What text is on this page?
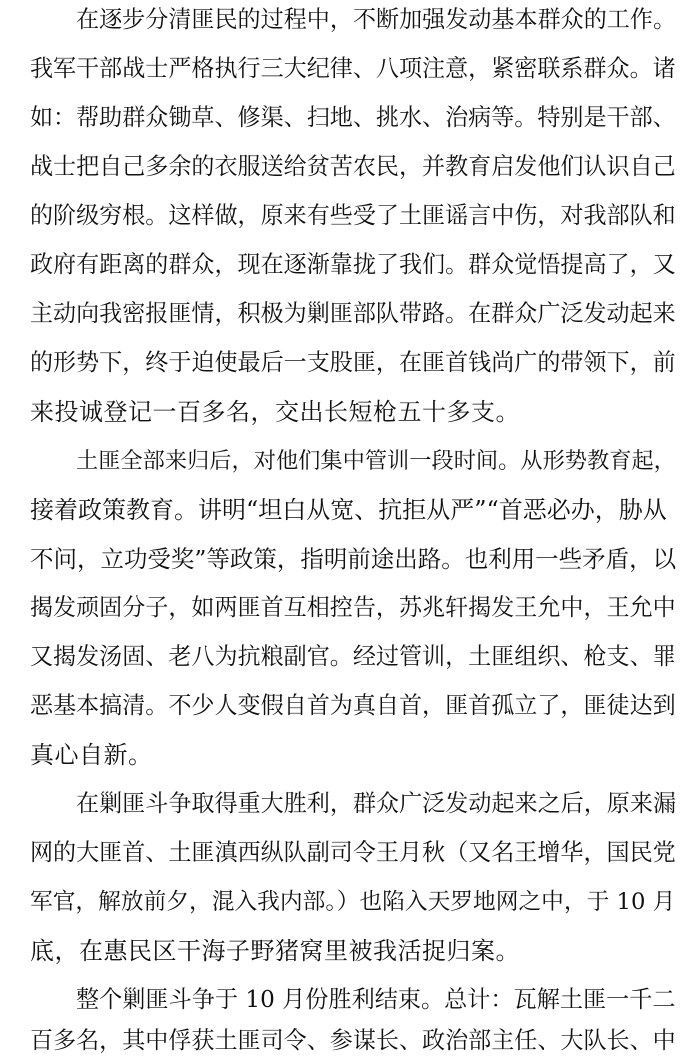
在逐步分清匪民的过程中，不断加强发动基本群众的工作。
我军干部战士严格执行三大纪律、八项注意，紧密联系群众。诸
如：帮助群众锄草、修渠、扫地、挑水、治病等。特别是干部、
战士把自己多余的衣服送给贫苦农民，并教育启发他们认识自己
的阶级穷根。这样做，原来有些受了土匪谣言中伤，对我部队和
政府有距离的群众，现在逐渐靠拢了我们。群众觉悟提高了，又
主动向我密报匪情，积极为剿匪部队带路。在群众广泛发动起来
的形势下，终于迫使最后一支股匪，在匪首钱尚广的带领下，前
来投诚登记一百多名，交出长短枪五十多支。
土匪全部来归后，对他们集中管训一段时间。从形势教育起，
接着政策教育。讲明“坦白从宽、抗拒从严”“首恶必办，胁从
不问，立功受奖”等政策，指明前途出路。也利用一些矛盾，以
揭发顽固分子，如两匪首互相控告，苏兆轩揭发王允中，王允中
又揭发汤固、老八为抗粮副官。经过管训，土匪组织、枪支、罪
恶基本搞清。不少人变假自首为真自首，匪首孤立了，匪徒达到
真心自新。
在剿匪斗争取得重大胜利，群众广泛发动起来之后，原来漏
网的大匪首、土匪滇西纵队副司令王月秋（又名王增华，国民党
军官，解放前夕，混入我内部。）也陷入天罗地网之中，于 10 月
底，在惠民区干海子野猪窝里被我活捉归案。
整个剿匪斗争于 10 月份胜利结束。总计：瓦解土匪一千二
百多名，其中俘获土匪司令、参谋长、政治部主任、大队长、中
